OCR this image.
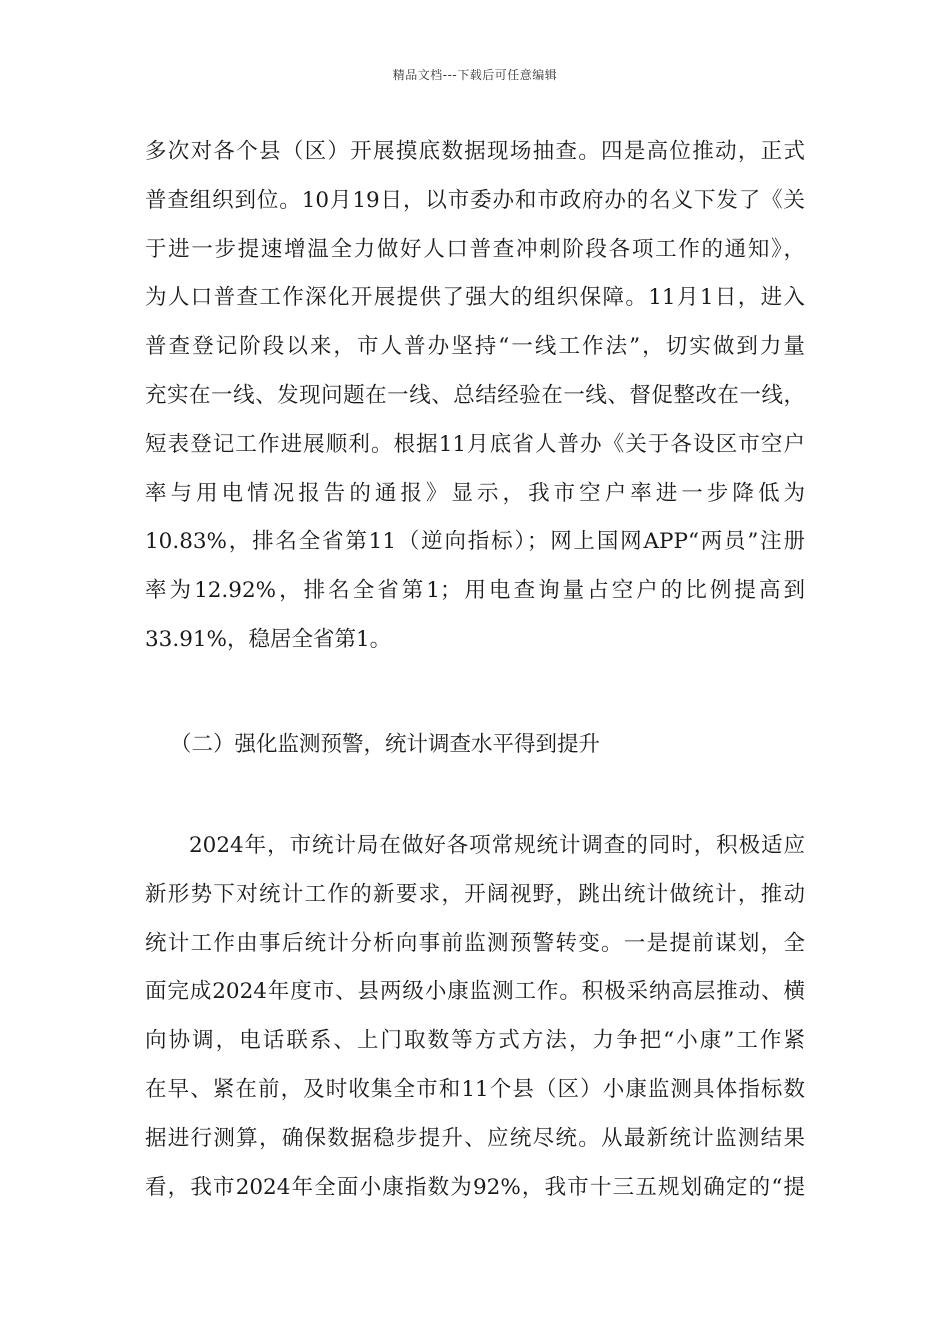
精品文档---下载后可任意编辑
多次对各个县（区）开展摸底数据现场抽查。四是高位推动，正式
普查组织到位。10月19日，以市委办和市政府办的名义下发了《关
于进一步提速增温全力做好人口普查冲刺阶段各项工作的通知》，
为人口普查工作深化开展提供了强大的组织保障。11月1日，进入
普查登记阶段以来，市人普办坚持“一线工作法”，切实做到力量
充实在一线、发现问题在一线、总结经验在一线、督促整改在一线，
短表登记工作进展顺利。根据11月底省人普办《关于各设区市空户
率与用电情况报告的通报》显示，我市空户率进一步降低为
10.83%，排名全省第11（逆向指标）；网上国网APP“两员”注册
率为12.92%，排名全省第1；用电查询量占空户的比例提高到
33.91%，稳居全省第1。
（二）强化监测预警，统计调查水平得到提升
2024年，市统计局在做好各项常规统计调查的同时，积极适应
新形势下对统计工作的新要求，开阔视野，跳出统计做统计，推动
统计工作由事后统计分析向事前监测预警转变。一是提前谋划，全
面完成2024年度市、县两级小康监测工作。积极采纳高层推动、横
向协调，电话联系、上门取数等方式方法，力争把“小康”工作紧
在早、紧在前，及时收集全市和11个县（区）小康监测具体指标数
据进行测算，确保数据稳步提升、应统尽统。从最新统计监测结果
看，我市2024年全面小康指数为92%，我市十三五规划确定的“提
